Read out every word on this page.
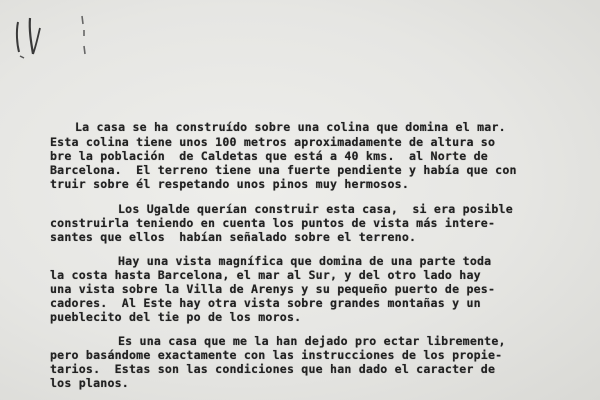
La casa se ha construído sobre una colina que domina el mar.
Esta colina tiene unos 100 metros aproximadamente de altura so
bre la población  de Caldetas que está a 40 kms.  al Norte de
Barcelona.  El terreno tiene una fuerte pendiente y había que con
truir sobre él respetando unos pinos muy hermosos.
Los Ugalde querían construir esta casa,  si era posible
construirla teniendo en cuenta los puntos de vista más intere-
santes que ellos  habían señalado sobre el terreno.
Hay una vista magnífica que domina de una parte toda
la costa hasta Barcelona, el mar al Sur, y del otro lado hay
una vista sobre la Villa de Arenys y su pequeño puerto de pes-
cadores.  Al Este hay otra vista sobre grandes montañas y un
pueblecito del tie po de los moros.
Es una casa que me la han dejado pro ectar libremente,
pero basándome exactamente con las instrucciones de los propie-
tarios.  Estas son las condiciones que han dado el caracter de
los planos.
